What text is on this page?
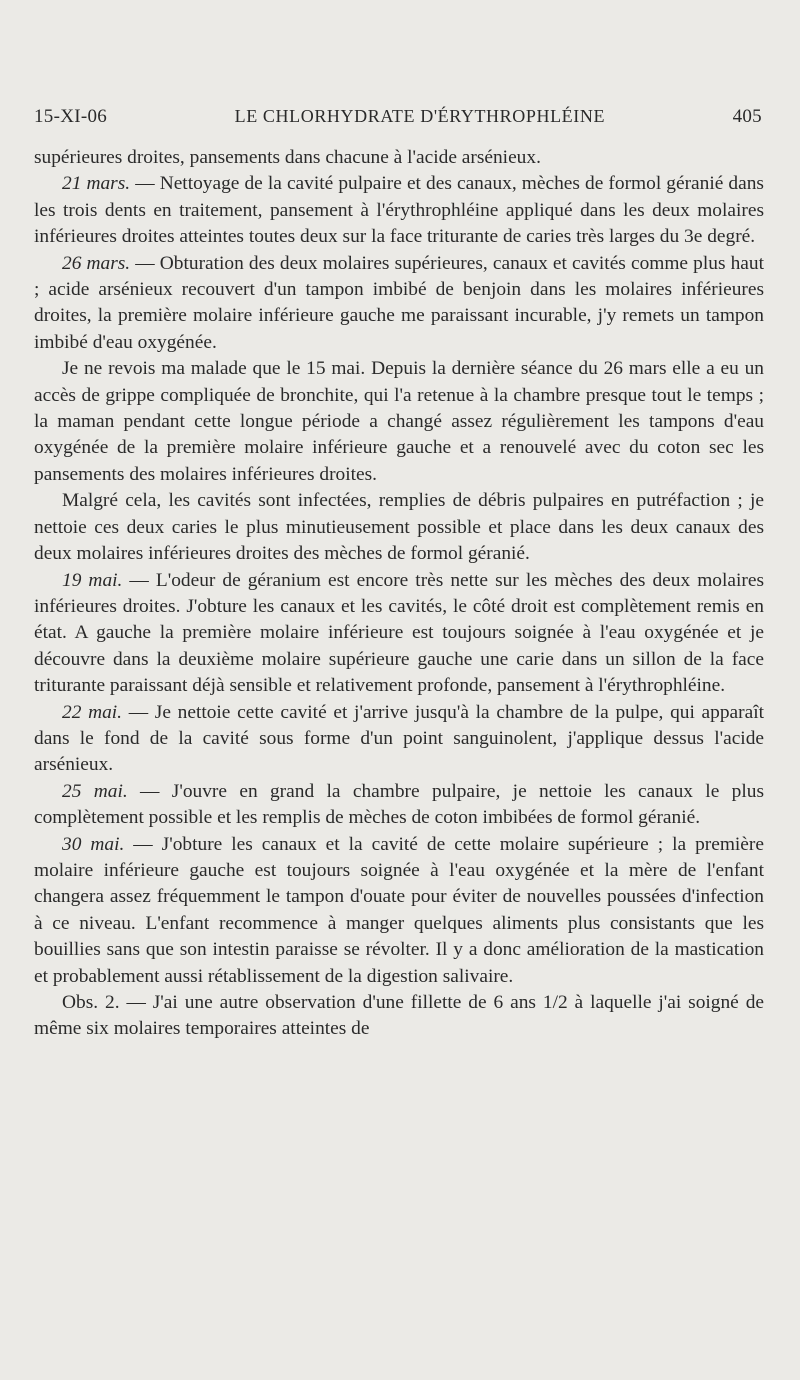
15-XI-06	LE CHLORHYDRATE D'ÉRYTHROPHLÉINE	405

supérieures droites, pansements dans chacune à l'acide arsénieux.

21 mars. — Nettoyage de la cavité pulpaire et des canaux, mèches de formol géranié dans les trois dents en traitement, pansement à l'érythrophléine appliqué dans les deux molaires inférieures droites atteintes toutes deux sur la face triturante de caries très larges du 3e degré.

26 mars. — Obturation des deux molaires supérieures, canaux et cavités comme plus haut ; acide arsénieux recouvert d'un tampon imbibé de benjoin dans les molaires inférieures droites, la première molaire inférieure gauche me paraissant incurable, j'y remets un tampon imbibé d'eau oxygénée.

Je ne revois ma malade que le 15 mai. Depuis la dernière séance du 26 mars elle a eu un accès de grippe compliquée de bronchite, qui l'a retenue à la chambre presque tout le temps ; la maman pendant cette longue période a changé assez régulièrement les tampons d'eau oxygénée de la première molaire inférieure gauche et a renouvelé avec du coton sec les pansements des molaires inférieures droites.

Malgré cela, les cavités sont infectées, remplies de débris pulpaires en putréfaction ; je nettoie ces deux caries le plus minutieusement possible et place dans les deux canaux des deux molaires inférieures droites des mèches de formol géranié.

19 mai. — L'odeur de géranium est encore très nette sur les mèches des deux molaires inférieures droites. J'obture les canaux et les cavités, le côté droit est complètement remis en état. A gauche la première molaire inférieure est toujours soignée à l'eau oxygénée et je découvre dans la deuxième molaire supérieure gauche une carie dans un sillon de la face triturante paraissant déjà sensible et relativement profonde, pansement à l'érythrophléine.

22 mai. — Je nettoie cette cavité et j'arrive jusqu'à la chambre de la pulpe, qui apparaît dans le fond de la cavité sous forme d'un point sanguinolent, j'applique dessus l'acide arsénieux.

25 mai. — J'ouvre en grand la chambre pulpaire, je nettoie les canaux le plus complètement possible et les remplis de mèches de coton imbibées de formol géranié.

30 mai. — J'obture les canaux et la cavité de cette molaire supérieure ; la première molaire inférieure gauche est toujours soignée à l'eau oxygénée et la mère de l'enfant changera assez fréquemment le tampon d'ouate pour éviter de nouvelles poussées d'infection à ce niveau. L'enfant recommence à manger quelques aliments plus consistants que les bouillies sans que son intestin paraisse se révolter. Il y a donc amélioration de la mastication et probablement aussi rétablissement de la digestion salivaire.

Obs. 2. — J'ai une autre observation d'une fillette de 6 ans 1/2 à laquelle j'ai soigné de même six molaires temporaires atteintes de
